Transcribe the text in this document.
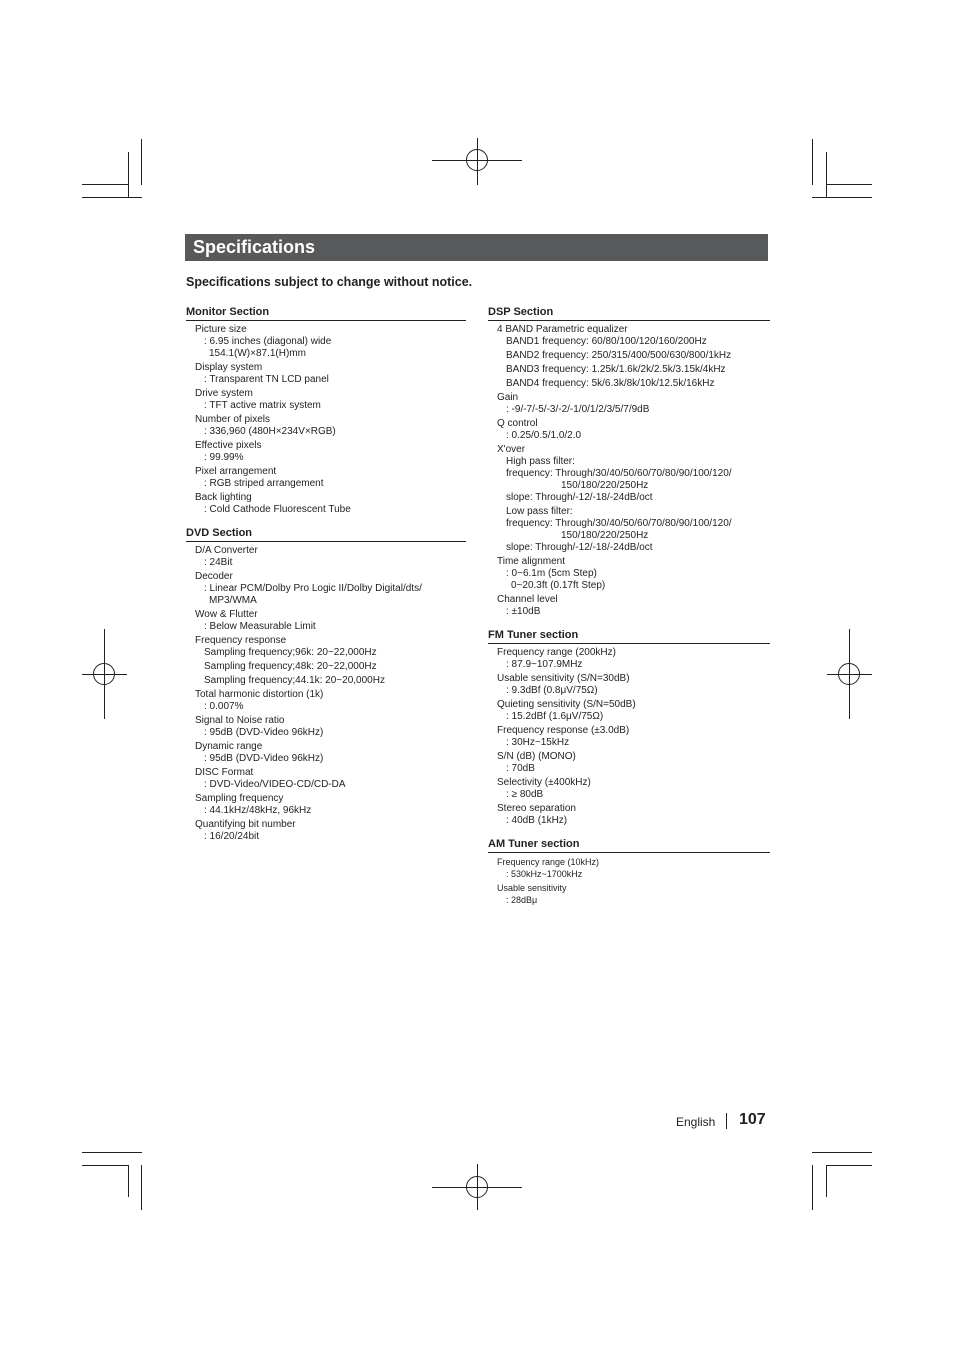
Specifications
Specifications subject to change without notice.
Monitor Section
Picture size
: 6.95 inches (diagonal) wide
154.1(W)×87.1(H)mm
Display system
: Transparent TN LCD panel
Drive system
: TFT active matrix system
Number of pixels
: 336,960 (480H×234V×RGB)
Effective pixels
: 99.99%
Pixel arrangement
: RGB striped arrangement
Back lighting
: Cold Cathode Fluorescent Tube
DVD Section
D/A Converter
: 24Bit
Decoder
: Linear PCM/Dolby Pro Logic II/Dolby Digital/dts/
MP3/WMA
Wow & Flutter
: Below Measurable Limit
Frequency response
Sampling frequency;96k: 20~22,000Hz
Sampling frequency;48k: 20~22,000Hz
Sampling frequency;44.1k: 20~20,000Hz
Total harmonic distortion (1k)
: 0.007%
Signal to Noise ratio
: 95dB (DVD-Video 96kHz)
Dynamic range
: 95dB (DVD-Video 96kHz)
DISC Format
: DVD-Video/VIDEO-CD/CD-DA
Sampling frequency
: 44.1kHz/48kHz, 96kHz
Quantifying bit number
: 16/20/24bit
DSP Section
4 BAND Parametric equalizer
BAND1 frequency: 60/80/100/120/160/200Hz
BAND2 frequency: 250/315/400/500/630/800/1kHz
BAND3 frequency: 1.25k/1.6k/2k/2.5k/3.15k/4kHz
BAND4 frequency: 5k/6.3k/8k/10k/12.5k/16kHz
Gain
: -9/-7/-5/-3/-2/-1/0/1/2/3/5/7/9dB
Q control
: 0.25/0.5/1.0/2.0
X'over
High pass filter:
frequency: Through/30/40/50/60/70/80/90/100/120/
150/180/220/250Hz
slope: Through/-12/-18/-24dB/oct
Low pass filter:
frequency: Through/30/40/50/60/70/80/90/100/120/
150/180/220/250Hz
slope: Through/-12/-18/-24dB/oct
Time alignment
: 0~6.1m (5cm Step)
0~20.3ft (0.17ft Step)
Channel level
: ±10dB
FM Tuner section
Frequency range (200kHz)
: 87.9~107.9MHz
Usable sensitivity (S/N=30dB)
: 9.3dBf (0.8μV/75Ω)
Quieting sensitivity (S/N=50dB)
: 15.2dBf (1.6μV/75Ω)
Frequency response (±3.0dB)
: 30Hz~15kHz
S/N (dB) (MONO)
: 70dB
Selectivity (±400kHz)
: ≥ 80dB
Stereo separation
: 40dB (1kHz)
AM Tuner section
Frequency range (10kHz)
: 530kHz~1700kHz
Usable sensitivity
: 28dBμ
English 107
